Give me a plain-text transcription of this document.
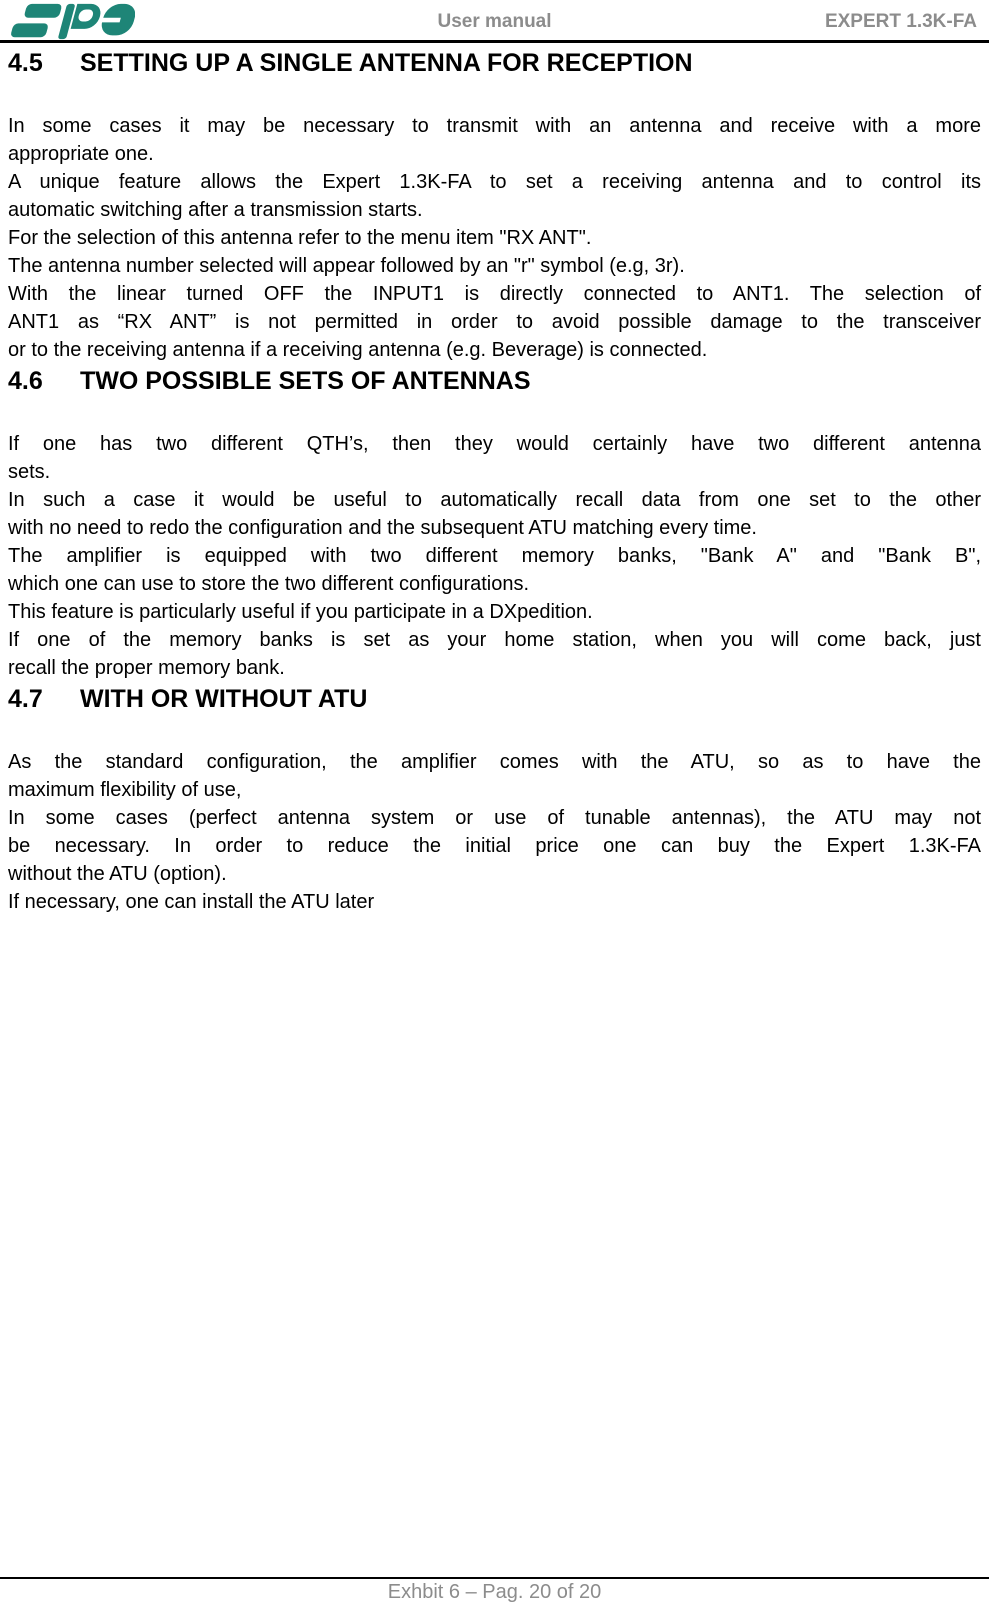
User manual	EXPERT 1.3K-FA
4.5 SETTING UP A SINGLE ANTENNA FOR RECEPTION
In some cases it may be necessary to transmit with an antenna and receive with a more
appropriate one.
A unique feature allows the Expert 1.3K-FA to set a receiving antenna and to control its
automatic switching after a transmission starts.
For the selection of this antenna refer to the menu item "RX ANT".
The antenna number selected will appear followed by an "r" symbol (e.g, 3r).
With the linear turned OFF the INPUT1 is directly connected to ANT1. The selection of
ANT1 as “RX ANT” is not permitted in order to avoid possible damage to the transceiver
or to the receiving antenna if a receiving antenna (e.g. Beverage) is connected.
4.6 TWO POSSIBLE SETS OF ANTENNAS
If one has two different QTH’s, then they would certainly have two different antenna
sets.
In such a case it would be useful to automatically recall data from one set to the other
with no need to redo the configuration and the subsequent ATU matching every time.
The amplifier is equipped with two different memory banks, "Bank A" and "Bank B",
which one can use to store the two different configurations.
This feature is particularly useful if you participate in a DXpedition.
If one of the memory banks is set as your home station, when you will come back, just
recall the proper memory bank.
4.7 WITH OR WITHOUT ATU
As the standard configuration, the amplifier comes with the ATU, so as to have the
maximum flexibility of use,
In some cases (perfect antenna system or use of tunable antennas), the ATU may not
be necessary. In order to reduce the initial price one can buy the Expert 1.3K-FA
without the ATU (option).
If necessary, one can install the ATU later
Exhbit 6 – Pag. 20 of 20
